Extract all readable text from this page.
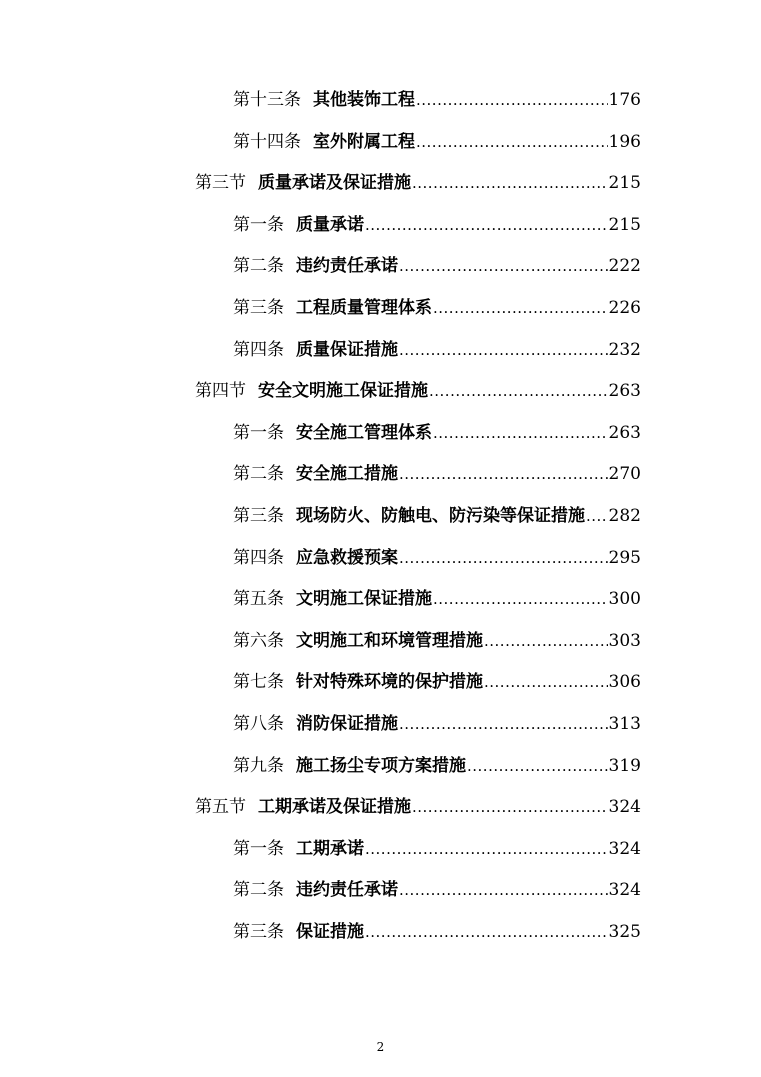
第十三条 其他装饰工程 .....	176
第十四条 室外附属工程 .....	196
第三节 质量承诺及保证措施 .....	215
第一条 质量承诺 .....	215
第二条 违约责任承诺 .....	222
第三条 工程质量管理体系 .....	226
第四条 质量保证措施 .....	232
第四节 安全文明施工保证措施 .....	263
第一条 安全施工管理体系 .....	263
第二条 安全施工措施 .....	270
第三条 现场防火、防触电、防污染等保证措施 ..... 282
第四条 应急救援预案 .....	295
第五条 文明施工保证措施 .....	300
第六条 文明施工和环境管理措施 .....	303
第七条 针对特殊环境的保护措施 .....	306
第八条 消防保证措施 .....	313
第九条 施工扬尘专项方案措施 .....	319
第五节 工期承诺及保证措施 .....	324
第一条 工期承诺 .....	324
第二条 违约责任承诺 .....	324
第三条 保证措施 .....	325
2
